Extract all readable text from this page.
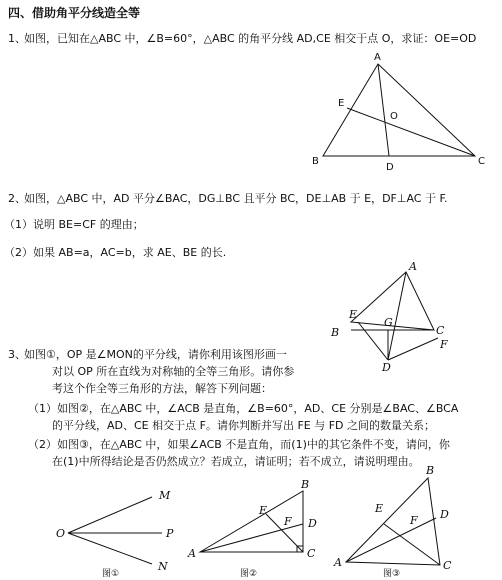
四、借助角平分线造全等
1、
如图，已知在△ABC 中，∠B=60°，△ABC 的角平分线 AD,CE 相交于点 O，求证：OE=OD
2、
如图，△ABC 中，AD 平分∠BAC，DG⊥BC 且平分 BC，DE⊥AB 于 E，DF⊥AC 于 F.
（1）说明 BE=CF 的理由；
（2）如果 AB=a，AC=b，求 AE、BE 的长.
3、
如图①，OP 是∠MON的平分线，请你利用该图形画一
对以 OP 所在直线为对称轴的全等三角形。请你参
考这个作全等三角形的方法，解答下列问题：
（1）如图②，在△ABC 中，∠ACB 是直角，∠B=60°，AD、CE 分别是∠BAC、∠BCA
的平分线，AD、CE 相交于点 F。请你判断并写出 FE 与 FD 之间的数量关系；
（2）如图③，在△ABC 中，如果∠ACB 不是直角，而(1)中的其它条件不变，请问，你
在(1)中所得结论是否仍然成立？若成立，请证明；若不成立，请说明理由。
A
B	C
D
E
O
A
B	C
D
E
F
G
M
O	P
N
图①
A
B
C
D
E
F
图②
A
B
C
D
E
F
图③
